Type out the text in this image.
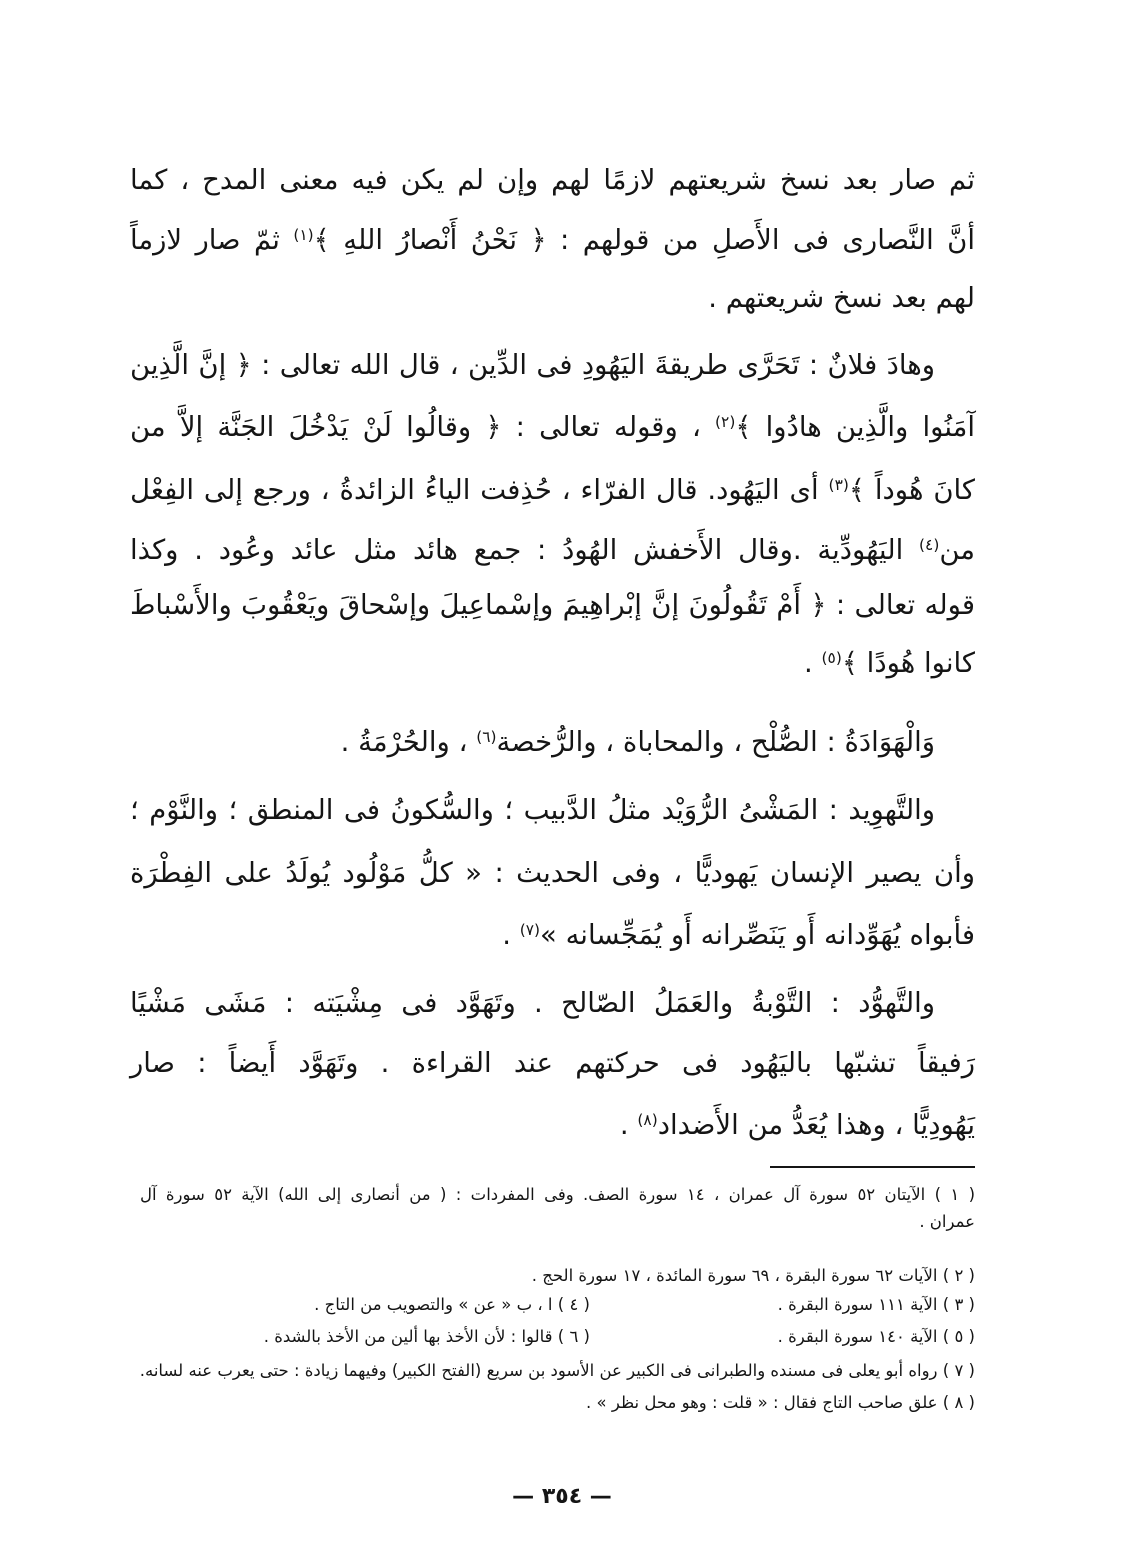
ثم صار بعد نسخ شريعتهم لازمًا لهم وإن لم يكن فيه معنى المدح ، كما
أنَّ النَّصارى فى الأَصلِ من قولهم : ﴿ نَحْنُ أَنْصارُ اللهِ ﴾$^{(١)}$ ثمّ صار لازماً
لهم بعد نسخ شريعتهم .
وهادَ فلانٌ : تَحَرَّى طريقةَ اليَهُودِ فى الدِّين ، قال الله تعالى : ﴿ إنَّ الَّذِين
آمَنُوا والَّذِين هادُوا ﴾$^{(٢)}$ ، وقوله تعالى : ﴿ وقالُوا لَنْ يَدْخُلَ الجَنَّة إلاَّ من
كانَ هُوداً ﴾$^{(٣)}$ أى اليَهُود. قال الفرّاء ، حُذِفت الياءُ الزائدةُ ، ورجع إلى الفِعْل
من$^{(٤)}$ اليَهُودِّية .وقال الأَخفش الهُودُ : جمع هائد مثل عائد وعُود . وكذا
قوله تعالى : ﴿ أَمْ تَقُولُونَ إنَّ إبْراهِيمَ وإسْماعِيلَ وإسْحاقَ ويَعْقُوبَ والأَسْباطَ
كانوا هُودًا ﴾$^{(٥)}$ .
وَالْهَوَادَةُ : الصُّلْح ، والمحاباة ، والرُّخصة$^{(٦)}$ ، والحُرْمَةُ .
والتَّهوِيد : المَشْىُ الرُّوَيْد مثلُ الدَّبيب ؛ والسُّكونُ فى المنطق ؛ والنَّوْم ؛
وأن يصير الإنسان يَهوديًّا ، وفى الحديث : « كلُّ مَوْلُود يُولَدُ على الفِطْرَة
فأبواه يُهَوِّدانه أَو يَنَصِّرانه أَو يُمَجِّسانه »$^{(٧)}$ .
والتَّهوُّد : التَّوْبةُ والعَمَلُ الصّالح . وتَهَوَّد فى مِشْيَته : مَشَى مَشْيًا
رَفيقاً تشبّها باليَهُود فى حركتهم عند القراءة . وتَهَوَّد أَيضاً : صار
يَهُودِيًّا ، وهذا يُعَدُّ من الأَضداد$^{(٨)}$ .
( ١ ) الآيتان ٥٢ سورة آل عمران ، ١٤ سورة الصف. وفى المفردات : ( من أنصارى إلى الله) الآية ٥٢ سورة آل
عمران .
( ٢ ) الآيات ٦٢ سورة البقرة ، ٦٩ سورة المائدة ، ١٧ سورة الحج .
( ٣ ) الآية ١١١ سورة البقرة .
( ٤ ) ا ، ب « عن » والتصويب من التاج .
( ٥ ) الآية ١٤٠ سورة البقرة .
( ٦ ) قالوا : لأن الأخذ بها ألين من الأخذ بالشدة .
( ٧ ) رواه أبو يعلى فى مسنده والطبرانى فى الكبير عن الأسود بن سريع (الفتح الكبير) وفيهما زيادة : حتى يعرب عنه لسانه.
( ٨ ) علق صاحب التاج فقال : « قلت : وهو محل نظر » .
— ٣٥٤ —
